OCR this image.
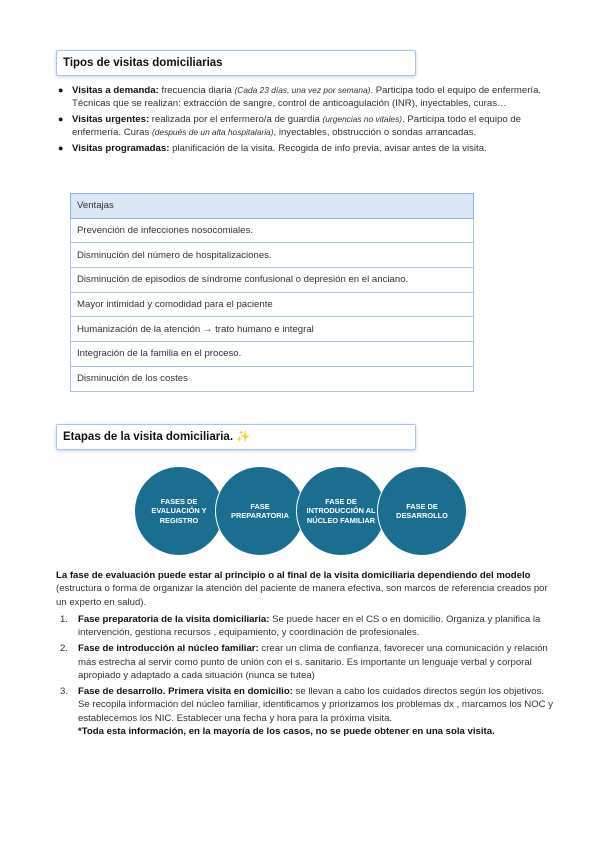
Tipos de visitas domiciliarias
● Visitas a demanda: frecuencia diaria (Cada 23 días, una vez por semana). Participa todo el equipo de enfermería. Técnicas que se realizan: extracción de sangre, control de anticoagulación (INR), inyectables, curas…
● Visitas urgentes: realizada por el enfermero/a de guardia (urgencias no vitales). Participa todo el equipo de enfermería. Curas (después de un alta hospitalaria), inyectables, obstrucción o sondas arrancadas.
● Visitas programadas: planificación de la visita. Recogida de info previa, avisar antes de la visita.
Ventajas
Prevención de infecciones nosocomiales.
Disminución del número de hospitalizaciones.
Disminución de episodios de síndrome confusional o depresión en el anciano.
Mayor intimidad y comodidad para el paciente
Humanización de la atención → trato humano e integral
Integración de la familia en el proceso.
Disminución de los costes
Etapas de la visita domiciliaria. ✨
FASES DE EVALUACIÓN Y REGISTRO
FASE PREPARATORIA
FASE DE INTRODUCCIÓN AL NÚCLEO FAMILIAR
FASE DE DESARROLLO

La fase de evaluación puede estar al principio o al final de la visita domiciliaria dependiendo del modelo (estructura o forma de organizar la atención del paciente de manera efectiva, son marcos de referencia creados por un experto en salud).

1. Fase preparatoria de la visita domiciliaria: Se puede hacer en el CS o en domicilio. Organiza y planifica la intervención, gestiona recursos , equipamiento, y coordinación de profesionales.
2. Fase de introducción al núcleo familiar: crear un clima de confianza, favorecer una comunicación y relación más estrecha al servir como punto de unión con el s. sanitario. Es importante un lenguaje verbal y corporal apropiado y adaptado a cada situación (nunca se tutea)
3. Fase de desarrollo. Primera visita en domicilio: se llevan a cabo los cuidados directos según los objetivos. Se recopila información del núcleo familiar, identificamos y priorizamos los problemas dx , marcamos los NOC y establecemos los NIC. Establecer una fecha y hora para la próxima visita.
*Toda esta información, en la mayoría de los casos, no se puede obtener en una sola visita.
